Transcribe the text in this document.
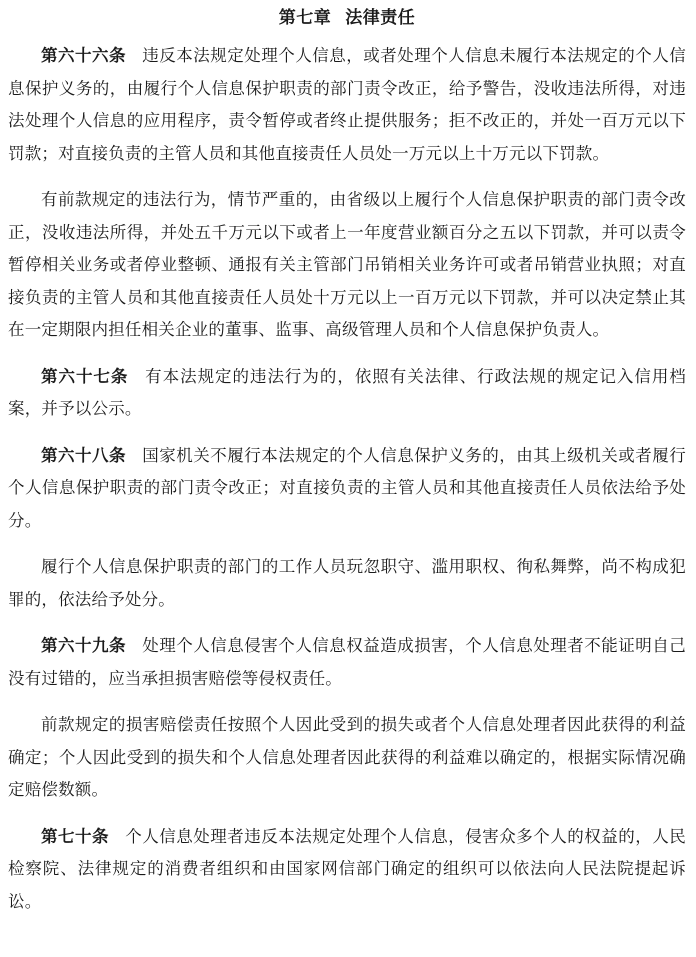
第七章 法律责任

第六十六条 违反本法规定处理个人信息，或者处理个人信息未履行本法规定的个人信息保护义务的，由履行个人信息保护职责的部门责令改正，给予警告，没收违法所得，对违法处理个人信息的应用程序，责令暂停或者终止提供服务；拒不改正的，并处一百万元以下罚款；对直接负责的主管人员和其他直接责任人员处一万元以上十万元以下罚款。

有前款规定的违法行为，情节严重的，由省级以上履行个人信息保护职责的部门责令改正，没收违法所得，并处五千万元以下或者上一年度营业额百分之五以下罚款，并可以责令暂停相关业务或者停业整顿、通报有关主管部门吊销相关业务许可或者吊销营业执照；对直接负责的主管人员和其他直接责任人员处十万元以上一百万元以下罚款，并可以决定禁止其在一定期限内担任相关企业的董事、监事、高级管理人员和个人信息保护负责人。

第六十七条 有本法规定的违法行为的，依照有关法律、行政法规的规定记入信用档案，并予以公示。

第六十八条 国家机关不履行本法规定的个人信息保护义务的，由其上级机关或者履行个人信息保护职责的部门责令改正；对直接负责的主管人员和其他直接责任人员依法给予处分。

履行个人信息保护职责的部门的工作人员玩忽职守、滥用职权、徇私舞弊，尚不构成犯罪的，依法给予处分。

第六十九条 处理个人信息侵害个人信息权益造成损害，个人信息处理者不能证明自己没有过错的，应当承担损害赔偿等侵权责任。

前款规定的损害赔偿责任按照个人因此受到的损失或者个人信息处理者因此获得的利益确定；个人因此受到的损失和个人信息处理者因此获得的利益难以确定的，根据实际情况确定赔偿数额。

第七十条 个人信息处理者违反本法规定处理个人信息，侵害众多个人的权益的，人民检察院、法律规定的消费者组织和由国家网信部门确定的组织可以依法向人民法院提起诉讼。
